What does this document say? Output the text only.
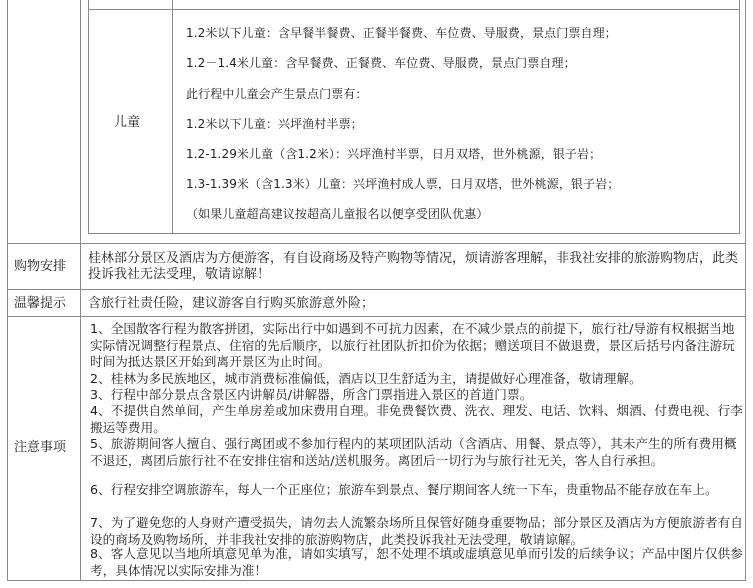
儿童
1.2米以下儿童：含早餐半餐费、正餐半餐费、车位费、导服费，景点门票自理；
1.2－1.4米儿童：含早餐费、正餐费、车位费、导服费，景点门票自理；
此行程中儿童会产生景点门票有：
1.2米以下儿童：兴坪渔村半票；
1.2-1.29米儿童（含1.2米）：兴坪渔村半票，日月双塔，世外桃源，银子岩；
1.3-1.39米（含1.3米）儿童：兴坪渔村成人票，日月双塔，世外桃源，银子岩；
（如果儿童超高建议按超高儿童报名以便享受团队优惠）
购物安排
桂林部分景区及酒店为方便游客，有自设商场及特产购物等情况，烦请游客理解，非我社安排的旅游购物店，此类投诉我社无法受理，敬请谅解！
温馨提示 含旅行社责任险，建议游客自行购买旅游意外险；
注意事项
1、全国散客行程为散客拼团，实际出行中如遇到不可抗力因素，在不减少景点的前提下，旅行社/导游有权根据当地实际情况调整行程景点、住宿的先后顺序，以旅行社团队折扣价为依据；赠送项目不做退费，景区后括号内备注游玩时间为抵达景区开始到离开景区为止时间。
2、桂林为多民族地区，城市消费标准偏低，酒店以卫生舒适为主，请提做好心理准备，敬请理解。
3、行程中部分景点含景区内讲解员/讲解器，所含门票指进入景区的首道门票。
4、不提供自然单间，产生单房差或加床费用自理。非免费餐饮费、洗衣、理发、电话、饮料、烟酒、付费电视、行李搬运等费用。
5、旅游期间客人擅自、强行离团或不参加行程内的某项团队活动（含酒店、用餐、景点等），其未产生的所有费用概不退还，离团后旅行社不在安排住宿和送站/送机服务。离团后一切行为与旅行社无关，客人自行承担。
6、行程安排空调旅游车，每人一个正座位；旅游车到景点、餐厅期间客人统一下车，贵重物品不能存放在车上。
7、为了避免您的人身财产遭受损失，请勿去人流繁杂场所且保管好随身重要物品；部分景区及酒店为方便旅游者有自设的商场及购物场所，并非我社安排的旅游购物店，此类投诉我社无法受理，敬请谅解。
8、客人意见以当地所填意见单为准，请如实填写，恕不处理不填或虚填意见单而引发的后续争议；产品中图片仅供参考，具体情况以实际安排为准！
